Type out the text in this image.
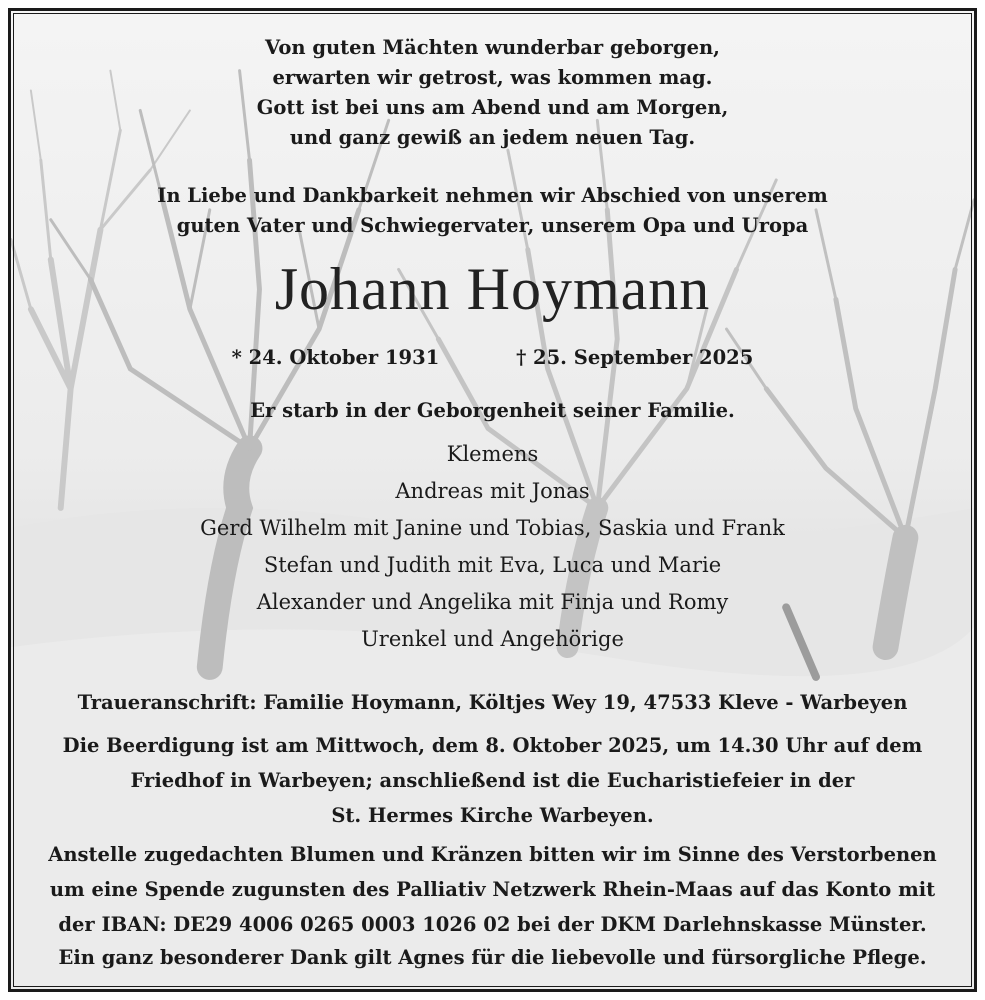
Von guten Mächten wunderbar geborgen,
erwarten wir getrost, was kommen mag.
Gott ist bei uns am Abend und am Morgen,
und ganz gewiß an jedem neuen Tag.
In Liebe und Dankbarkeit nehmen wir Abschied von unserem
guten Vater und Schwiegervater, unserem Opa und Uropa
Johann Hoymann
* 24. Oktober 1931	† 25. September 2025
Er starb in der Geborgenheit seiner Familie.
Klemens
Andreas mit Jonas
Gerd Wilhelm mit Janine und Tobias, Saskia und Frank
Stefan und Judith mit Eva, Luca und Marie
Alexander und Angelika mit Finja und Romy
Urenkel und Angehörige
Traueranschrift: Familie Hoymann, Költjes Wey 19, 47533 Kleve - Warbeyen
Die Beerdigung ist am Mittwoch, dem 8. Oktober 2025, um 14.30 Uhr auf dem
Friedhof in Warbeyen; anschließend ist die Eucharistiefeier in der
St. Hermes Kirche Warbeyen.
Anstelle zugedachten Blumen und Kränzen bitten wir im Sinne des Verstorbenen
um eine Spende zugunsten des Palliativ Netzwerk Rhein-Maas auf das Konto mit
der IBAN: DE29 4006 0265 0003 1026 02 bei der DKM Darlehnskasse Münster.
Ein ganz besonderer Dank gilt Agnes für die liebevolle und fürsorgliche Pflege.
